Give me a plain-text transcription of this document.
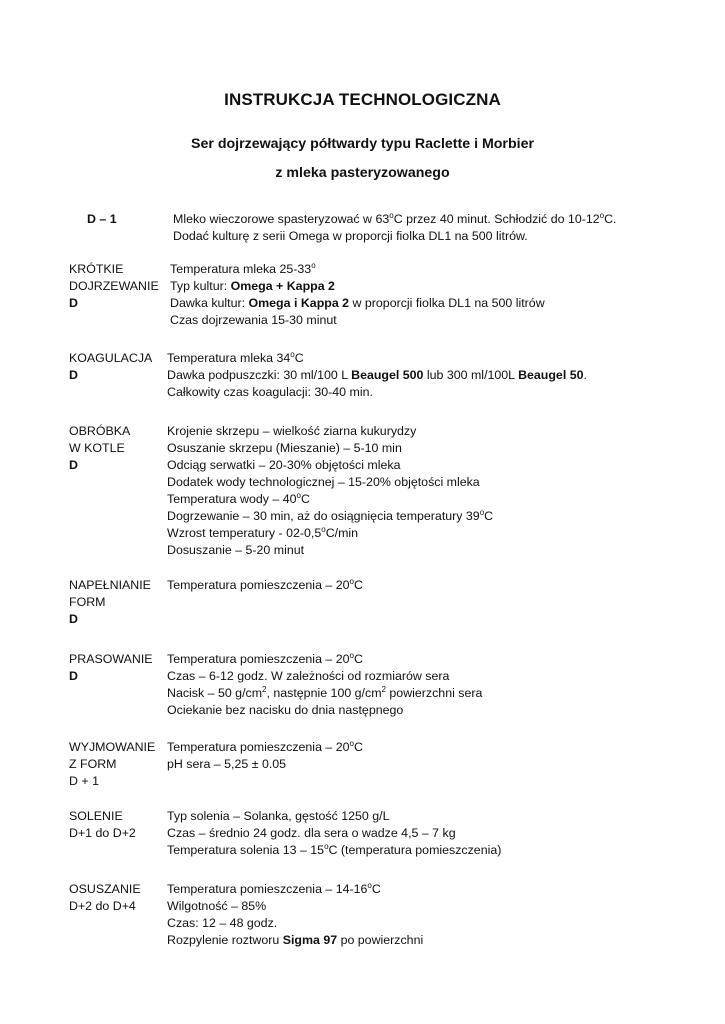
INSTRUKCJA TECHNOLOGICZNA
Ser dojrzewający półtwardy typu Raclette i Morbier
z mleka pasteryzowanego
D – 1	Mleko wieczorowe spasteryzować w 63$^o$C przez 40 minut. Schłodzić do 10-12$^o$C.
Dodać kulturę z serii Omega w proporcji fiolka DL1 na 500 litrów.
KRÓTKIE
DOJRZEWANIE
D
Temperatura mleka 25-33$^o$
Typ kultur: Omega + Kappa 2
Dawka kultur: Omega i Kappa 2 w proporcji fiolka DL1 na 500 litrów
Czas dojrzewania 15-30 minut
KOAGULACJA
D
Temperatura mleka 34$^o$C
Dawka podpuszczki: 30 ml/100 L Beaugel 500 lub 300 ml/100L Beaugel 50.
Całkowity czas koagulacji: 30-40 min.
OBRÓBKA
W KOTLE
D
Krojenie skrzepu – wielkość ziarna kukurydzy
Osuszanie skrzepu (Mieszanie) – 5-10 min
Odciąg serwatki – 20-30% objętości mleka
Dodatek wody technologicznej – 15-20% objętości mleka
Temperatura wody – 40$^o$C
Dogrzewanie – 30 min, aż do osiągnięcia temperatury 39$^o$C
Wzrost temperatury - 02-0,5$^o$C/min
Dosuszanie – 5-20 minut
NAPEŁNIANIE
FORM
D
Temperatura pomieszczenia – 20$^o$C
PRASOWANIE
D
Temperatura pomieszczenia – 20$^o$C
Czas – 6-12 godz. W zależności od rozmiarów sera
Nacisk – 50 $g/cm^2$, następnie 100 $g/cm^2$ powierzchni sera
Ociekanie bez nacisku do dnia następnego
WYJMOWANIE
Z FORM
D + 1
Temperatura pomieszczenia – 20$^o$C
pH sera – 5,25 ± 0.05
SOLENIE
D+1 do D+2
Typ solenia – Solanka, gęstość 1250 g/L
Czas – średnio 24 godz. dla sera o wadze 4,5 – 7 kg
Temperatura solenia 13 – 15$^o$C (temperatura pomieszczenia)
OSUSZANIE
D+2 do D+4
Temperatura pomieszczenia – 14-16$^o$C
Wilgotność – 85%
Czas: 12 – 48 godz.
Rozpylenie roztworu Sigma 97 po powierzchni
